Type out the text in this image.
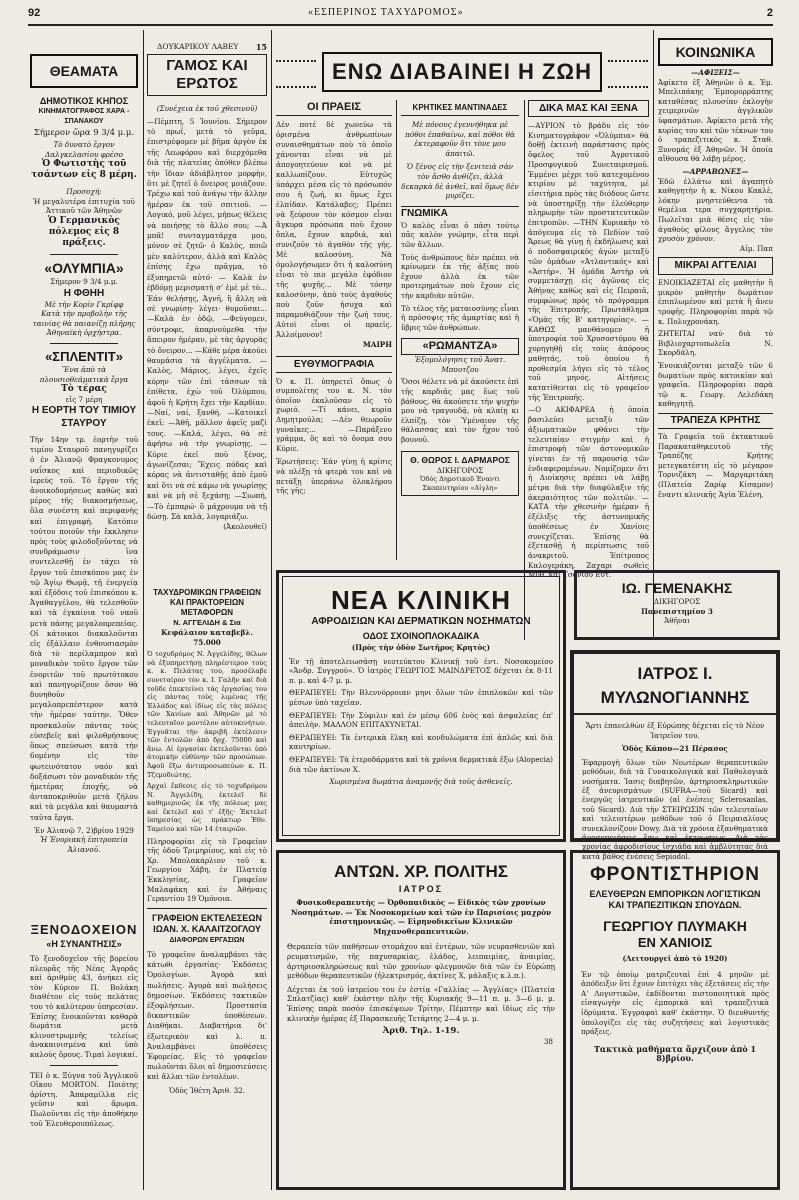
92	«ΕΣΠΕΡΙΝΟΣ ΤΑΧΥΔΡΟΜΟΣ»	2
ΘΕΑΜΑΤΑ
ΔΗΜΟΤΙΚΟΣ ΚΗΠΟΣ
ΚΙΝΗΜΑΤΟΓΡΑΦΟΣ ΧΑΡΑ - ΣΠΑΝΑΚΟΥ
Σήμερον ὥρα 9 3/4 μ.μ.
Τὸ δυνατὸ ἔργον
Δαλγκελασίου φρέσο
Ὁ Φωτιστὴς τοῦ τσάντων εἰς 8 μέρη.
Προσοχή:
Ἡ μεγαλυτέρα ἐπιτυχία τοῦ Ἀττικοῦ τῶν Ἀθηνῶν
Ὁ Γερμανικὸς πόλεμος εἰς 8 πράξεις.
«ΟΛΥΜΠΙΑ»
Σήμερον 9 3/4 μ.μ.
Η ΦΘΗΗ
Μὲ τὴν Κορίν Γκρίφφ
Κατὰ τὴν προβολὴν τῆς ταινίας θὰ παιανίζῃ πλῆρης Ἀθηναϊκὴ ὀρχήστρα.
«ΣΠΛΕΝΤΙΤ»
Ἕνα ἀπὸ τὰ πλουσιοθεάματικὰ ἔργα
Τὸ τέρας
εἰς 7 μέρη
Η ΕΟΡΤΗ ΤΟΥ ΤΙΜΙΟΥ ΣΤΑΥΡΟΥ
Τὴν 14ην τρ. ἑορτὴν τοῦ τιμίου Σταυροῦ πανηγυρίζει ὁ ἐν Ἀλιανῷ Φραγκονυμος ναΐσκος καὶ περιοδικῶς ἱερεὺς τοῦ. Τὸ ἔργον τῆς ἀνοικοδομήσεως καθὼς καὶ μέρος τῆς διακοσμήσεως, ὅλα συνέστη καὶ περιφανὴς καὶ ἐπιγραφή. Κατόπιν τούτου ποιοῦν τὴν ἔκκλησιν πρὸς τοὺς φιλοδοξοῦντας νὰ συνδράμωσιν ἵνα συντελεσθῇ ἐν τάχει τὸ ἔργον τοῦ ἐπισκόπου μας ἐν τῷ Ἁγίῳ Θωμᾷ, τῇ ἐνεργείᾳ καὶ ἐξόδοις τοῦ ἐπισκόπου κ. Ἀγαθαγγέλου, θὰ τελεσθοῦν καὶ τὰ ἐγκαίνια τοῦ ναοῦ μετὰ πάσης μεγαλοπρεπείας. Οἱ κάτοικοι διακαλοῦνται εἰς ἐξάλλαιν ἐνθουσιασμὸν διὰ τὸ περίλαμπρον καὶ μοναδικὸν τοῦτο ἔργον τῶν ἐνοριτῶν τοῦ πρωτότοκου καὶ πανηγυρίζουν ὅσον θὰ δυνηθοῦν μεγαλοπρεπέστερον κατὰ τὴν ἡμέραν ταύτην. Ὅθεν προσκαλοῦν πάντας τοὺς εὐσεβεῖς καὶ φιλοθρήσκους ὅπως σπεύσωσι κατὰ τὴν 6ομένην εἰς τὸν φωτεινότατον ναόν καὶ δοξάσωσι τὸν μοναδικὸν τῆς ἡμετέρας ἐποχῆς, νὰ ἀνταποκριθοῦν μετὰ ζήλου καὶ τὰ μεγάλα καὶ θαυμαστὰ ταῦτα ἔργα.
Ἐν Ἀλιανῷ 7, 2)βρίου 1929
Ἡ Ἐνοριακὴ ἐπιτροπεία Ἀλιανοῦ.
ΞΕΝΟΔΟΧΕΙΟΝ
«Η ΣΥΝΑΝΤΗΣΙΣ»
Τὸ ξενοδοχεῖον τῆς βορείου πλευρᾶς τῆς Νέας Ἀγορᾶς καὶ ἀριθμὸς 43, ἀνήκει εἰς τὸν Κύριον Π. Βολάκη διαθέτον εἰς τοὺς πελάτας του τὸ καλύτερον ὑπηρεσίαν. Ἐπίσης ἔνοικοῦνται καθαρὰ δωμάτια μετὰ κλινοστρωμνῆς τελείως ἀνακαινισμένα καὶ ὑπὸ καλοὺς ὅρους. Τιμαὶ λογικαί.
ΤΕΙ ὁ κ. Ξύγνα τοῦ Ἀγγλικοῦ Οἴκου MORTON. Ποιότης ἀρίστη. Ἀπαραμίλλα εἰς γεῦσιν καὶ ἄρωμα. Πωλοῦνται εἰς τὴν ἀποθήκην τοῦ Ἐλευθερουπόλεως.
ΔΟΥΚΑΡΙΚΟΥ ΛΑΒΕΥ 15
ΓΑΜΟΣ ΚΑΙ ΕΡΩΤΟΣ
(Συνέχεια ἐκ τοῦ χθεσινοῦ)
—Πέμπτη, 5 Ἰουνίου. Σήμερον τὸ πρωΐ, μετὰ τὸ γεῦμα, ἐπιστρέφομεν μὲ βῆμα ἀργὸν ἐκ τῆς Λεωφόρου καὶ διερχόμεθα διὰ τῆς πλατείας ὁπόθεν βλέπω τὴν ἴδιαν ἀδιάβλητον μορφὴν, ὅτι μὲ ζητεῖ ὁ ὄνειρος μοιάζουν. Τρέχω καὶ τοῦ ἀνάγω τὴν ἄλλην ἡμέραν ἐκ τοῦ σπιτιοῦ. —Λογικό, μοῦ λέγει, μήπως θέλεις νὰ ποιήσῃς τὸ ἄλλο σου; —Ἀ μπᾶ! συνταγματάρχα μου, μόνον σὲ ζητῶ· ὁ Καλὸς, ποιῶ μὲν καλύτερον, ἀλλὰ καὶ Καλὸς ἐπίσης ἔχω πρᾶγμα, τὸ ἐξυπηρετῶ αὐτό· — Καλὰ ἐν ἐβδόμῃ μερισματὴ σ' ἐμὲ μὲ τὸ... Ἐάν θελήσῃς, Ἀγνῆ, ἢ ἄλλη νὰ σὲ γνωρίσῃ· λέγει· θυμοῦσαι... —Καλὰ ἐν ὁδῷ, —Φεύγομεν, σύντροφε, ἀπαρνούμεθα τὴν ἄπειρον ἡμέραν, μὲ τὰς ἀργυρὰς τὸ ὄνειρον... —Κάθε μέρα ἀκούει θαυμάσια τὰ ἀγγέλματα. —Καλὸς, Μάριος, λέγει, ἐχεῖς κόρην τῶν ἐπὶ τάσσων τὰ ἐπίθετα, ἐχὼ τοῦ Ὀλύμπου, ἀφοῦ ἡ Κρήτη ἔχει τὴν Καρδίαν. —Ναί, ναί, ξανθή. —Κατοικεῖ ἐκεῖ; —Ἀθῆ, μᾶλλον ἀφεῖς μαζί τους. —Καλά, λέγει, θὰ σὲ ἀφήσω νὰ τὴν γνωρίσῃς. —Κύριε ἐκεῖ ποῦ ξένος, ἀγωνίζεσαι; Ἔχεις πόδας καὶ κόρας νὰ ἀντισταθῇς ἀπὸ ἐμοῦ καὶ ὅτι νὰ σὲ κάμω νὰ γνωρίσῃς καὶ νὰ μὴ σὲ ξεχάσῃ; —Σιωπή, —Τὸ ἐμπαρώ· ὃ μάχρουμα νὰ τῇ δώσῃ. Σὰ καλὰ, λογαριάζω.
(Ἀκολουθεῖ)
ΤΑΧΥΔΡΟΜΙΚΩΝ ΓΡΑΦΕΙΩΝ ΚΑΙ ΠΡΑΚΤΟΡΕΙΩΝ ΜΕΤΑΦΟΡΩΝ
Ν. ΑΓΓΕΛΙΔΗ & Σια
Κεφάλαιον καταβεβλ. 75.000
Ὁ τοχυδρόμος Ν. Ἀγγελίδης, θέλων νὰ ἐξυπηρετήσῃ πληρέστερον τοὺς κ. κ. Πελάτας του, προσέλαβε συνεταίρον τὸν κ. Ι. Γαλῆν καὶ διὰ τοῦδε ἐπεκτείνει τὰς ἐργασίας του εἰς πάντας τοὺς λιμένας τῆς Ἑλλάδος καὶ ἰδίως εἰς τὰς πόλεις τῶν Χανίων καὶ Ἀθηνῶν μὲ τὸ τελευταῖον μοντέλον αὐτοκινήτων. Ἐγγυᾶται τὴν ἀκριβῆ ἐκτέλεσιν τῶν ἐντολῶν ἀπὸ δρχ. 75000 καὶ ἄνω. Αἱ ἐργασίαι ἐκτελοῦνται ὑπὸ ἀτομικὴν εὐθύνην τῶν προσώπων. Ἀφοῦ ἔξω ἀντιπροσωπεύων κ. Π. Τζεμοδιώτης.
Ἀρχαὶ ἔκθεσις εἰς τὸ τοχυδρόμου Ν. Ἀγγελίδη, ἐκτελεῖ δὲ καθημερινῶς ἐκ τῆς πόλεως μας καὶ ἔκτελεῖ καὶ τ' ἑξῆς· Ἐκτελεῖ ὑπηρεσίας ὡς πράκτωρ Ἐθν. Ταμείου καὶ τῶν 14 ἑταιριῶν.
Πληροφορίαι εἰς τὸ Γραφεῖον τῆς ὁδοῦ Τριμηρίους, καὶ εἰς τὸ Χρ. Μπολακάρλιον τοῦ κ. Γεωργίου Χάβη, ἐν Πλατείᾳ Ἐκκλησίας, Γραφεῖον Μαλαφάκη καὶ ἐν Ἀθήναις Γεραντίου 19 Ὁμόνοια.
ΓΡΑΦΕΙΟΝ ΕΚΤΕΛΕΣΕΩΝ ΙΩΑΝ. Χ. ΚΑΛΑΙΤΖΟΓΛΟΥ
ΔΙΑΦΟΡΩΝ ΕΡΓΑΣΙΩΝ
Τὸ γραφεῖον ἀναλαμβάνει τὰς κάτωθι ἐργασίας· Ἐκδόσεις Ὁρολογίων. Ἀγορὰ καὶ πωλήσεις. Ἀγορὰ καὶ πωλήσεις δημοσίων. Ἐκδόσεις τακτικῶν ἐξοφλήσεων. Προστασία δικαστικῶν ὑποθέσεων. Διαθήκαι. Διαβατήρια δι' ἐξωτερικὸν καὶ λ. π. Ἀναλαμβάνει ὑποθέσεις Ἐφορείας. Εἰς τὸ γραφεῖον πωλοῦνται ὅλοι αἱ δημοσιεύσεις καὶ ἄλλαι τῶν ἐντολέων.
Ὁδὸς Ἰθέτη Ἀριθ. 32.
ΕΝΩ ΔΙΑΒΑΙΝΕΙ Η ΖΩΗ
ΟΙ ΠΡΑΕΙΣ
Δὲν ποτέ δὲ χωνεύω τὰ ὁρισμένα ἀνθρωπίνων συναισθημάτων ποὺ τὸ ὁποῖο χάνονται εἶναι νὰ μὲ ἀπογοητεύουν καὶ νὰ μὲ καλλωπίζουν. Εὐτυχῶς ὑπάρχει μέσα εἰς τὸ πρόσωπόν σου ἡ ζωή, κι ὅμως ἔχει ἐλπίδαν. Κατάλαβες; Πρέπει νὰ ξεύρουν τὸν κόσμον εἶναι ἄγκυρα πρόσωπα ποὺ ἔχουν ὅπλα, ἔχουν καρδιά, καὶ συνιζοῦν τὸ ἀγαθὸν τῆς γῆς. Μὲ καλοσύνη. Νὰ ὁμολογήσωμεν ὅτι ἡ καλοσύνη εἶναι τὸ πιο μεγάλο ἐφόδιον τῆς ψυχῆς... Μὲ τόσην καλοσύνην, ἀπὸ τοὺς ἀγαθοὺς ποὺ ζοῦν ἡσυχα καὶ παραμυθιάζουν τὴν ζωή τους. Αὐτοὶ εἶναι οἱ πραεῖς. Ἀλλοίμονον!
ΜΑΙΡΗ
ΕΥΘΥΜΟΓΡΑΦΙΑ
Ὁ κ. Π. ὑπηρετεῖ ὅπως ὁ συμπολίτης του κ. Ν. τὸν ὁποῖον ἐκαλοῦσαν εἰς τὸ χωριό. —Τί κάνει, κυρία Δημητρούλα; —Δὲν θεωροῦν γυναῖκες... —Παράξενο γράμμα, ὅς καὶ τὸ ὄνομα σου Κύριε.
Ἐρωτήσεις: Ἐάν γίνῃ ἡ κρίσις νὰ πλέξῃ τὰ φτερὰ του καὶ νὰ πετάξῃ ὑπεράνω ὁλοκλήρου τῆς γῆς;
ΚΡΗΤΙΚΕΣ ΜΑΝΤΙΝΑΔΕΣ
Μὲ πόνους ἐγεννήθηκα μὲ πόθοι ἐπαθαίνω, καὶ πόθοι θὰ ἐκτεραφοῦν ὅτι τὸνε μου ἀπαιτῶ.
Ὁ ξένος εἰς τὴν ξενιτειὰ σὰν τὸν ἄσθο ἀνθίζει, ἀλλὰ δεκαρκὰ δὲ ἀνθεῖ, καὶ ὅμως δὲν μυρίζει.
ΓΝΩΜΙΚΑ
Ὁ καλὸς εἶναι ὁ πᾶσι τούτῳ πᾶς καλὸν γνώμην, εἶτα περὶ τῶν ἄλλων.
Τοὺς ἀνθρώπους δὲν πρέπει νὰ κρίνωμεν ἐκ τῆς ἀξίας ποὺ ἔχουν ἀλλὰ ἐκ τῶν προτερημάτων ποὺ ἔχουν εἰς τὴν καρδιὰν αὐτῶν.
Τὸ τέλος τῆς ματαιοσύνης εἶναι ἡ πρόσοψις τῆς ἀμαρτίας καὶ ἡ ὕβρις τῶν ἀνθρώπων.
«ΡΩΜΑΝΤΖΑ»
Ἐξομολόγησις τοῦ Ἀνατ. Μπουτζου
Ὅσοι θέλετε νὰ μὲ ἀκούσετε ἐπὶ τῆς καρδιᾶς μας ἕως τοῦ βάθους, θὰ ἀκούσετε τὴν ψυχήν μου νὰ τραγουδᾷ, νὰ κλαίῃ κι ἐλπίζῃ, τὸν Ὑμέναιον τῆς θάλασσας καὶ τὸν ἦχον τοῦ βουνοῦ.
Θ. ΘΩΡΟΣ Ι. ΔΑΡΜΑΡΟΣ
ΔΙΚΗΓΟΡΟΣ
Ὁδὸς Δημοτικοῦ Ἐναντι Σκοπευτηρίου «Αἰγλη»
ΔΙΚΑ ΜΑΣ ΚΑΙ ΞΕΝΑ
—ΑΥΡΙΟΝ τὸ βράδυ εἰς τὸν Κινηματογράφον «Ὀλύμπια» θὰ δοθῇ ἐκτεινὴ παράστασις πρὸς ὄφελος τοῦ Ἀγροτικοῦ Προσφυγικοῦ Συνεταιρισμοῦ. Ἐμμένει μέχρι τοῦ κατεχομένου κτιρίου μὲ ταχύτητα, μὲ εἰσιτήρια πρὸς τὰς διόδους ὥστε νὰ ὑποστηρίξῃ τὴν ἐλεύθερην πληρωμὴν τῶν προστατευτικῶν ἐπιτροπῶν. —ΤΗΝ Κυριακὴν τὸ ἀπόγευμα εἰς τὸ Πεδίον τοῦ Ἄρεως θὰ γίνῃ ἡ ἐκδήλωσις καὶ ὁ ποδοσφαιρικὸς ἀγὼν μεταξὺ τῶν ὁμάδων «Ἀτλαντικός» καὶ «Ἀστήρ». Ἡ ὁμάδα Ἀστὴρ νὰ συμμετάσχῃ εἰς ἀγῶνας εἰς Ἀθήνας καθὼς καὶ εἰς Πειραιᾶ, συμφώνως πρὸς τὸ πρόγραμμα τῆς Ἐπιτροπῆς. Πρωτάθλημα «Ὁμὰς τῆς Β' κατηγορίας». —ΚΑΘΩΣ μανθάνομεν ἡ ὑποτροφία τοῦ Χρυσοστόμου θὰ χορηγηθῇ εἰς τοὺς ἀπόρους μαθητάς, τοῦ ὁποίου ἡ προθεσμία λήγει εἰς τὸ τέλος τοῦ μηνός. Αἰτήσεις κατατίθενται εἰς τὸ γραφεῖον τῆς Ἐπιτροπῆς.
—Ο ΑΚΙΦΑΡΕΑ ἡ ὁποία βασιλεύει μεταξὺ τῶν ἀξιωματικῶν φθάνει τὴν τελευταίαν στιγμὴν καὶ ἡ ἐπιστροφὴ τῶν ἀστυνομικῶν γίνεται ἐν τῇ παρουσίᾳ τῶν ἐνδιαφερομένων. Νομίζομεν ὅτι ἡ Διοίκησις πρέπει νὰ λάβῃ μέτρα διὰ τὴν διαφύλαξιν τῆς ἀκεραιότητος τῶν πολιτῶν. —ΚΑΤΑ τὴν χθεσινὴν ἡμέραν ἡ ἐξέλιξις τῆς ἀστυνομικῆς ὑποθέσεως ἐν Χανίοις συνεχίζεται. Ἐπίσης θὰ ἐξετασθῇ ἡ περίπτωσις τοῦ ἀνακριτοῦ. Ἐπίτροπος Καλογεράκη, Ζαχαρι σωθεὶς Μυθ. καὶ Τσόνιου Εὐτ.
ΚΟΙΝΩΝΙΚΑ
—ΑΦΙΞΕΙΣ—
Ἀφίκετο ἐξ Ἀθηνῶν ὁ κ. Ἐμ. Μπελιπάκης Ἐμπορορράπτης καταθέσας πλουσίαν ἐκλογὴν χειμερινῶν ἀγγλικῶν ὑφασμάτων. Ἀφίκετο μετὰ τῆς κυρίας του καὶ τῶν τέκνων του ὁ τραπεζιτικὸς κ. Σταθ. Ξυνομάς ἐξ Ἀθηνῶν. Ἡ ὁποία αἴθουσα θὰ λάβῃ μέρος.
—ΑΡΡΑΒΩΝΕΣ—
Ἐδῶ ἐλλάτω καὶ ἀγαπητὸ καθηγητὴν ἡ κ. Νίκου Κακλὲ, λόκην μνηστεύθεντα τὰ θεμέλια τερα συγχαρητήρια. Πωλεῖται μιὰ θέσις εἰς τὸν ἀγαθοὺς φίλους ἄγγελος τὸν χρυσὸν χρόνον.
Αἰμ. Παπ
ΜΙΚΡΑΙ ΑΓΓΕΛΙΑΙ
ΕΝΟΙΚΙΑΖΕΤΑΙ εἰς μαθητὴν ἢ μικρὸν μαθητὴν δωμάτιον ἐπιπλωμένον καὶ μετὰ ἢ ἄνευ τροφῆς. Πληροφορίαι παρὰ τῷ κ. Πολυχρονάκη.
ΖΗΤΕΙΤΑΙ ναύ· διὰ τὸ Βιβλιοχαρτοπωλεῖα Ν. Σκορδάλη.
Ἐνοικιάζονται μεταξύ τῶν 6 δωματίων πρὸς κατοικίαν καὶ γραφεῖα. Πληροφορίαι παρὰ τῷ κ. Γεωργ. Λελεδάκη καθηγητῇ.
ΤΡΑΠΕΖΑ ΚΡΗΤΗΣ
Τὰ Γραφεῖα τοῦ ἐκτακτικοῦ Παρακαταθηκευτοῦ τῆς Τραπέζης Κρήτης μετεγκατέστη εἰς τὸ μέγαρον Τορνιζάκη — Μαργαριτάκη (Πλατεία Ζαρίφ Κίσαμον) ἔναντι κλινικῆς Ἁγία Ἑλένη.
ΙΩ. ΓΕΜΕΝΑΚΗΣ
ΔΙΚΗΓΟΡΟΣ
Πανεπιστημίου 3
Ἀθῆναι
ΝΕΑ ΚΛΙΝΙΚΗ
ΑΦΡΟΔΙΣΙΩΝ ΚΑΙ ΔΕΡΜΑΤΙΚΩΝ ΝΟΣΗΜΑΤΩΝ
ΟΔΟΣ ΣΧΟΙΝΟΠΛΟΚΑΔΙΚΑ
(Πρὸς τὴν ὁδὸν Σωτῆρος Κρητὸς)
Ἐν τῇ ἀποτελειωσάσῃ νεοτεύκτου Κλινικῇ τοῦ ἐντ. Νοσοκομείου «Ἀνδρ. Συγγρού». Ὁ ἰατρὸς ΓΕΩΡΓΙΟΣ ΜΑΙΝΔΡΕΤΟΣ δέχεται ἐκ 8-11 π. μ. καὶ 4-7 μ. μ.
ΘΕΡΑΠΕΥΕΙ: Τὴν Βλεννόρροιαν μηνι ὅλων τῶν ἐπιπλοκῶν καὶ τῶν μέσων ὑπὸ ταχεῖαν.
ΘΕΡΑΠΕΥΕΙ: Τὴν Σύφιλιν καὶ ἐν μέσῳ 606 ἑνὸς καὶ ἀσφαλείας ἐπ' ἀπειλὴν. ΜΑΛΛΟΝ ΕΠΙΤΑΧΥΝΕΤΑΙ.
ΘΕΡΑΠΕΥΕΙ: Τὰ ἐντερικὰ ἕλκη καὶ κονδυλώματα ἐπὶ ἀπλῶς καὶ διὰ καυτηρίων.
ΘΕΡΑΠΕΥΕΙ: Τὰ ἑτεροδάρματα καὶ τὰ χρόνια δερματικὰ ἔξω (Alopecia) διὰ τῶν ἀκτίνων Χ.
Χωρισμένα δωμάτια ἀναμονῆς διὰ τοὺς ἀσθενεῖς.
ΙΑΤΡΟΣ Ι. ΜΥΛΩΝΟΓΙΑΝΝΗΣ
Ἄρτι ἐπανελθὼν ἐξ Εὐρώπης δέχεται εἰς τὸ Νέον Ἰατρεῖον του.
Ὁδὸς Κάπου—21 Πέρασος
Ἐφαρμογὴ ὅλων τῶν Νεωτέρων θεραπευτικῶν μεθόδων, διὰ τὰ Γυναικολογικὰ καὶ Παθολογικὰ νοσήματα. Ἰασις διαβητῶν, ἀρτηριοσκληρωτικῶν ἐξ ἀνευρισμάτων (SUFRA—τοῦ Sicard) καὶ ἐνεργῶς ἰατρευτικῶν (αἱ ἐνέσεις Sclerosanlas, τοῦ Sicard). Διὰ τὴν ΣΤΕΙΡΩΣΙΝ τῶν τελευταίων καὶ τελειοτέρων μεθόδων τοῦ ὁ Πειραιαλίους συνεκλονίζουν Dowy. Διὰ τὰ χρόνια ἐξανθηματικὰ ἀνοσοποιήσεις ἔσω καὶ ἐκτρωσεως. Διὰ τὰς χρονίας ἀφροδισίους ἰσχιάδα καὶ ἀμβλύτητας διὰ κατὰ βάθος ἐνέσεις Sepiodol.
ΑΝΤΩΝ. ΧΡ. ΠΟΛΙΤΗΣ
ΙΑΤΡΟΣ
Φυσικοθεραπευτὴς — Ὀρθοπαιδικὸς — Εἰδικὸς τῶν χρονίων Νοσημάτων. — Ἐκ Νοσοκομείων καὶ τῶν ἐν Παρισίοις μαχρὸν ἐπιστημονικῶς. — Εἰρηνοδικεῖων Κλινικῶν Μηχανοθεραπευτικῶν.
Θεραπεία τῶν παθήσεων στομάχου καὶ ἐντέρων, τῶν νευρασθενιῶν καὶ ρευματισμῶν, τῆς παχυσαρκίας, ἐλάδος, λειπαιμίας, ἀναιμίας, ἀρτηριοσκληρώσεως καὶ τῶν χρονίων φλεγμονῶν διὰ τῶν ἐν Εὐρώπῃ μεθόδων θεραπευτικῶν (ἠλεκτρισμός, ἀκτῖνες Χ, μάλαξις κ.λ.π.).
Δέχεται ἐκ τοῦ ἰατρείου του ἐν ἑστίᾳ «Γαλλίας — Ἀγγλίας» (Πλατεία Σπλατζίας) καθ' ἑκάστην πλὴν τῆς Κυριακῆς 9—11 π. μ. 3—6 μ. μ. Ἐπίσης παρὰ ποσὸν ἐπισκέψεων Τρίτην, Πέμπτην καὶ ἰδίως εἰς τὴν κλινικὴν ἡμέρας ἐξ Παρασκευῆς Τετάρτης 2—4 μ. μ.
Ἀριθ. Τηλ. 1-19.
38
ΦΡΟΝΤΙΣΤΗΡΙΟΝ
ΕΛΕΥΘΕΡΩΝ ΕΜΠΟΡΙΚΩΝ ΛΟΓΙΣΤΙΚΩΝ ΚΑΙ ΤΡΑΠΕΖΙΤΙΚΩΝ ΣΠΟΥΔΩΝ.
ΓΕΩΡΓΙΟΥ ΠΛΥΜΑΚΗ
ΕΝ ΧΑΝΙΟΙΣ
(Λειτουργεῖ ἀπὸ τὸ 1920)
Ἐν τῷ ὁποίῳ ματριζευταὶ ἐπὶ 4 μηνῶν μὲ ἀπόδειξιν ὅτι ἔχουν ἐπιτύχει τὰς ἐξετάσεις εἰς τὴν Α' Λογιστικῶν, ἐκδίδονται πιστοποιητικὰ πρὸς εἰσαγωγὴν εἰς ἐμπορικὰ καὶ τραπεζιτικὰ ἱδρύματα. Ἐγγραφαὶ καθ' ἑκάστην. Ὁ διευθυντὴς ὑπολογίζει εἰς τὰς συζητήσεις καὶ λογιστικὰς πράξεις.
Τακτικὰ μαθήματα ἄρχιζουν ἀπὸ 1 8)βρίου.
